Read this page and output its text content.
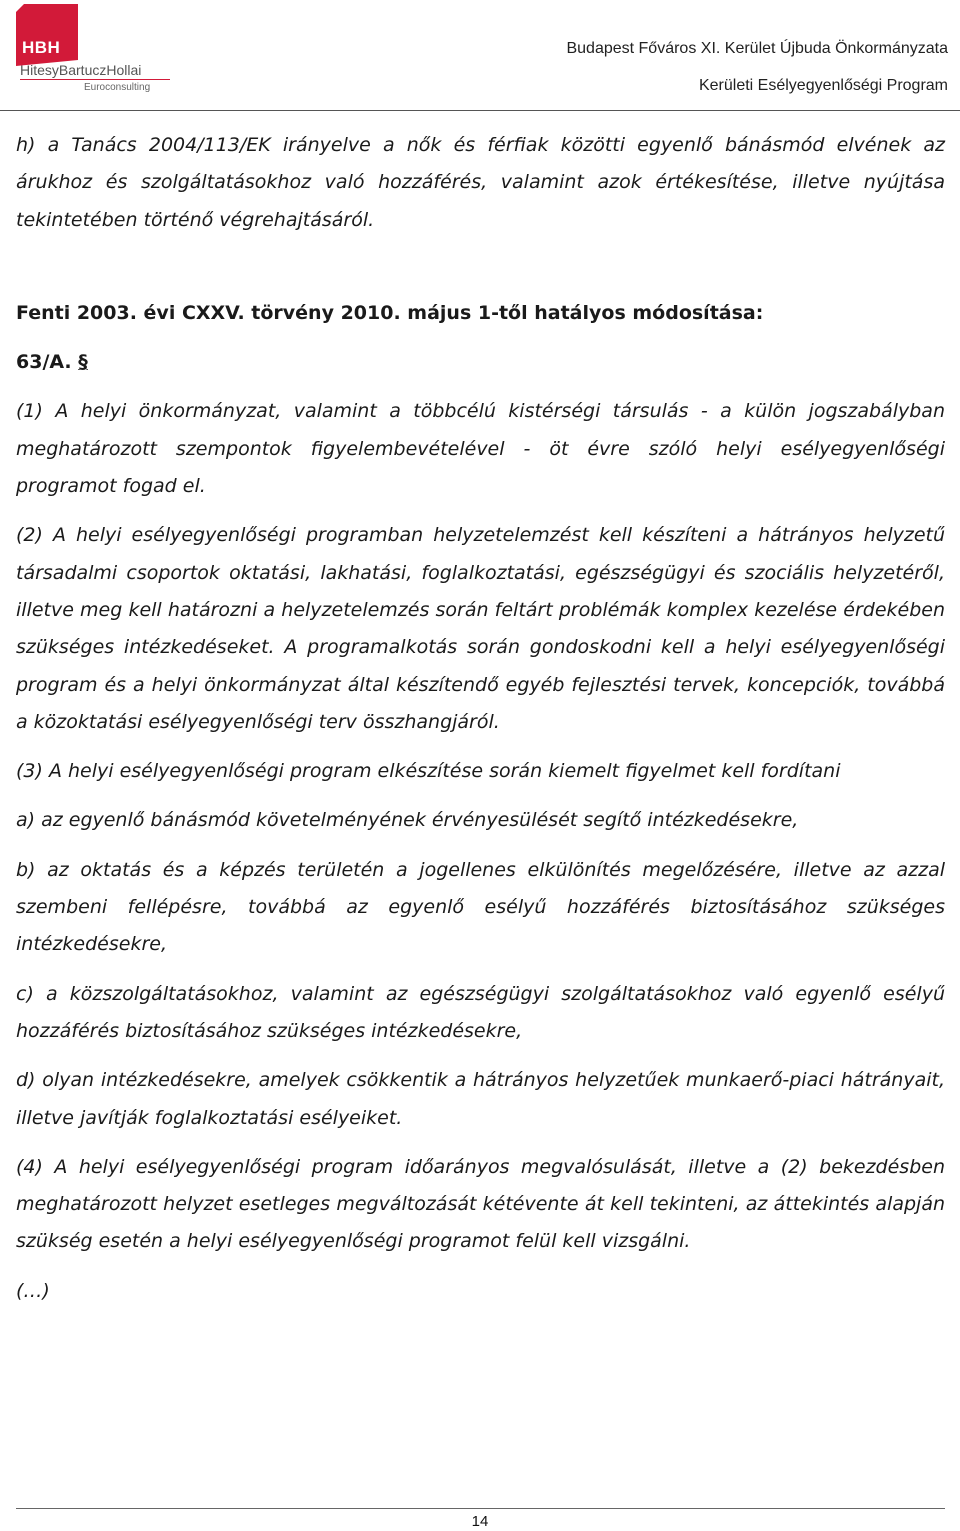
HBH
HitesyBartuczHollai
Euroconsulting
Budapest Főváros XI. Kerület Újbuda Önkormányzata
Kerületi Esélyegyenlőségi Program

h) a Tanács 2004/113/EK irányelve a nők és férfiak közötti egyenlő bánásmód elvének az árukhoz és szolgáltatásokhoz való hozzáférés, valamint azok értékesítése, illetve nyújtása tekintetében történő végrehajtásáról.

Fenti 2003. évi CXXV. törvény 2010. május 1-től hatályos módosítása:

63/A. §

(1) A helyi önkormányzat, valamint a többcélú kistérségi társulás - a külön jogszabályban meghatározott szempontok figyelembevételével - öt évre szóló helyi esélyegyenlőségi programot fogad el.

(2) A helyi esélyegyenlőségi programban helyzetelemzést kell készíteni a hátrányos helyzetű társadalmi csoportok oktatási, lakhatási, foglalkoztatási, egészségügyi és szociális helyzetéről, illetve meg kell határozni a helyzetelemzés során feltárt problémák komplex kezelése érdekében szükséges intézkedéseket. A programalkotás során gondoskodni kell a helyi esélyegyenlőségi program és a helyi önkormányzat által készítendő egyéb fejlesztési tervek, koncepciók, továbbá a közoktatási esélyegyenlőségi terv összhangjáról.

(3) A helyi esélyegyenlőségi program elkészítése során kiemelt figyelmet kell fordítani

a) az egyenlő bánásmód követelményének érvényesülését segítő intézkedésekre,

b) az oktatás és a képzés területén a jogellenes elkülönítés megelőzésére, illetve az azzal szembeni fellépésre, továbbá az egyenlő esélyű hozzáférés biztosításához szükséges intézkedésekre,

c) a közszolgáltatásokhoz, valamint az egészségügyi szolgáltatásokhoz való egyenlő esélyű hozzáférés biztosításához szükséges intézkedésekre,

d) olyan intézkedésekre, amelyek csökkentik a hátrányos helyzetűek munkaerő-piaci hátrányait, illetve javítják foglalkoztatási esélyeiket.

(4) A helyi esélyegyenlőségi program időarányos megvalósulását, illetve a (2) bekezdésben meghatározott helyzet esetleges megváltozását kétévente át kell tekinteni, az áttekintés alapján szükség esetén a helyi esélyegyenlőségi programot felül kell vizsgálni.

(…)

14
